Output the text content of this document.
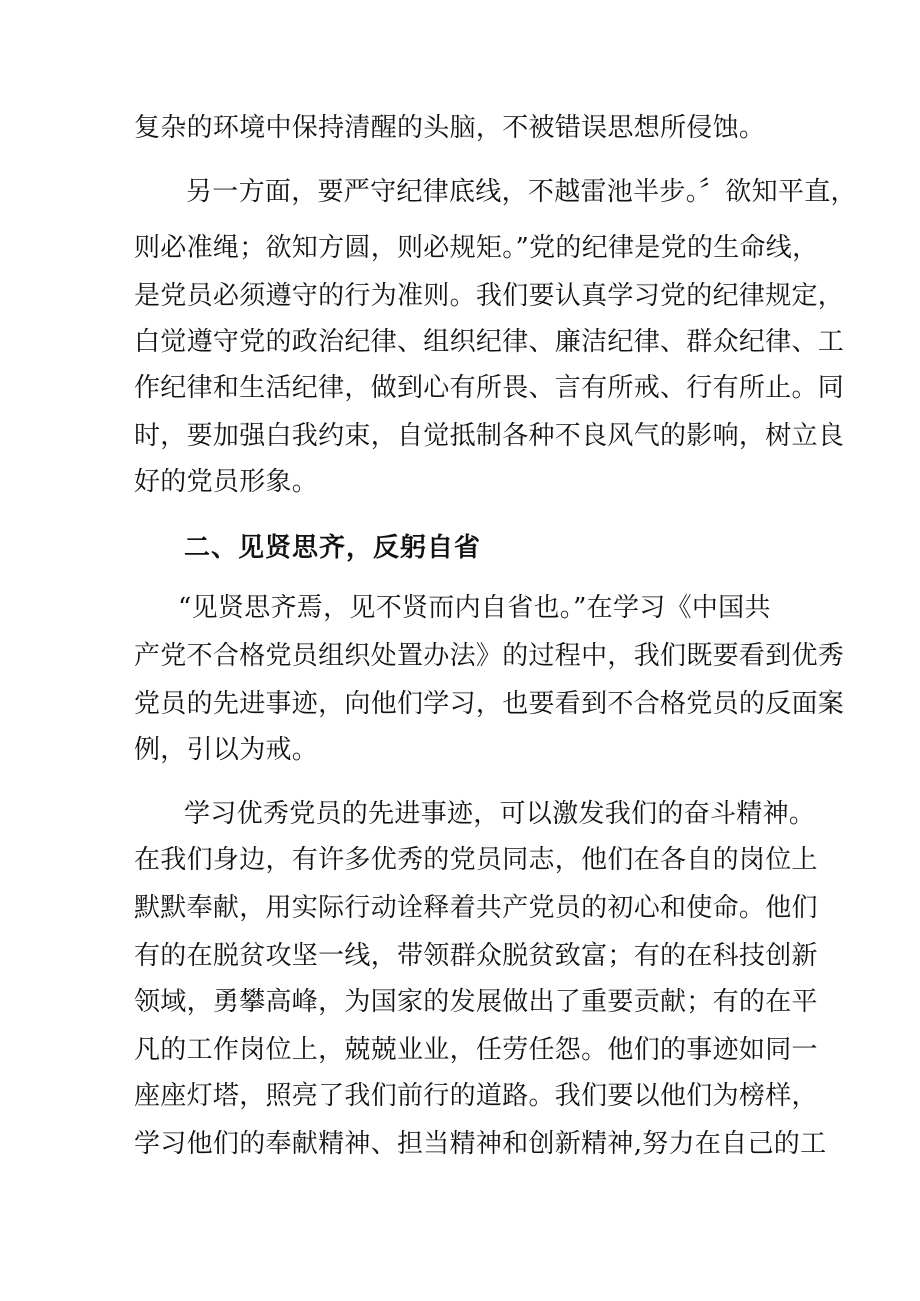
复杂的环境中保持清醒的头脑，不被错误思想所侵蚀。
另一方面，要严守纪律底线，不越雷池半步。〞欲知平直，
则必准绳；欲知方圆，则必规矩。”党的纪律是党的生命线，
是党员必须遵守的行为准则。我们要认真学习党的纪律规定，
白觉遵守党的政治纪律、组织纪律、廉洁纪律、群众纪律、工
作纪律和生活纪律，做到心有所畏、言有所戒、行有所止。同
时，要加强白我约束，自觉抵制各种不良风气的影响，树立良
好的党员形象。
二、见贤思齐，反躬自省
“见贤思齐焉，见不贤而内自省也。”在学习《中国共
产党不合格党员组织处置办法》的过程中，我们既要看到优秀
党员的先进事迹，向他们学习，也要看到不合格党员的反面案
例，引以为戒。
学习优秀党员的先进事迹，可以激发我们的奋斗精神。
在我们身边，有许多优秀的党员同志，他们在各自的岗位上
默默奉献，用实际行动诠释着共产党员的初心和使命。他们
有的在脱贫攻坚一线，带领群众脱贫致富；有的在科技创新
领域，勇攀高峰，为国家的发展做出了重要贡献；有的在平
凡的工作岗位上，兢兢业业，任劳任怨。他们的事迹如同一
座座灯塔，照亮了我们前行的道路。我们要以他们为榜样，
学习他们的奉献精神、担当精神和创新精神,努力在自己的工
